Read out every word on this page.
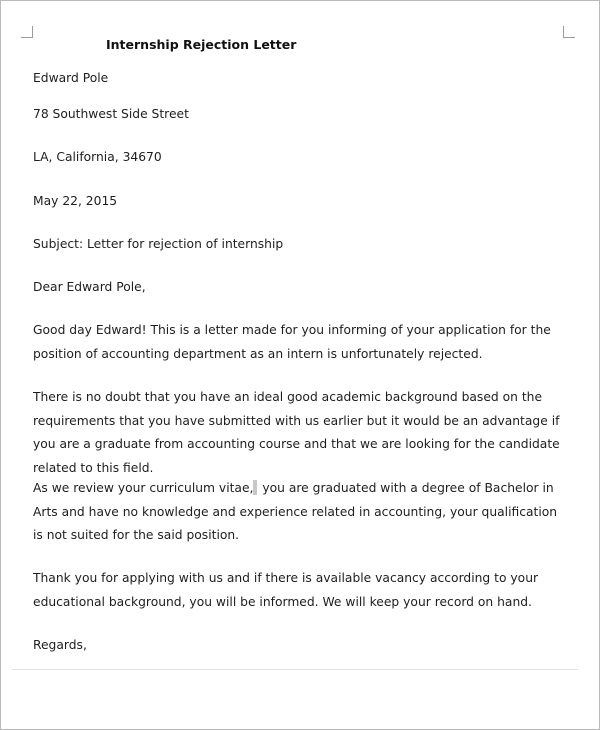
Internship Rejection Letter
Edward Pole
78 Southwest Side Street
LA, California, 34670
May 22, 2015
Subject: Letter for rejection of internship
Dear Edward Pole,
Good day Edward! This is a letter made for you informing of your application for the position of accounting department as an intern is unfortunately rejected.
There is no doubt that you have an ideal good academic background based on the requirements that you have submitted with us earlier but it would be an advantage if you are a graduate from accounting course and that we are looking for the candidate related to this field.
As we review your curriculum vitae, you are graduated with a degree of Bachelor in Arts and have no knowledge and experience related in accounting, your qualification is not suited for the said position.
Thank you for applying with us and if there is available vacancy according to your educational background, you will be informed. We will keep your record on hand.
Regards,
